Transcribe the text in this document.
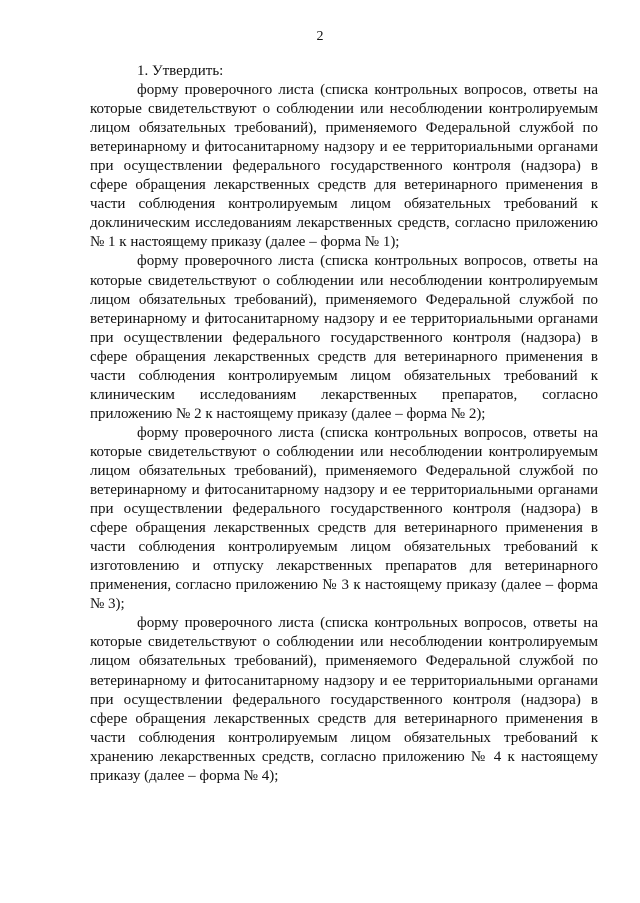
2

1. Утвердить:

форму проверочного листа (списка контрольных вопросов, ответы на которые свидетельствуют о соблюдении или несоблюдении контролируемым лицом обязательных требований), применяемого Федеральной службой по ветеринарному и фитосанитарному надзору и ее территориальными органами при осуществлении федерального государственного контроля (надзора) в сфере обращения лекарственных средств для ветеринарного применения в части соблюдения контролируемым лицом обязательных требований к доклиническим исследованиям лекарственных средств, согласно приложению № 1 к настоящему приказу (далее – форма № 1);

форму проверочного листа (списка контрольных вопросов, ответы на которые свидетельствуют о соблюдении или несоблюдении контролируемым лицом обязательных требований), применяемого Федеральной службой по ветеринарному и фитосанитарному надзору и ее территориальными органами при осуществлении федерального государственного контроля (надзора) в сфере обращения лекарственных средств для ветеринарного применения в части соблюдения контролируемым лицом обязательных требований к клиническим исследованиям лекарственных препаратов, согласно приложению № 2 к настоящему приказу (далее – форма № 2);

форму проверочного листа (списка контрольных вопросов, ответы на которые свидетельствуют о соблюдении или несоблюдении контролируемым лицом обязательных требований), применяемого Федеральной службой по ветеринарному и фитосанитарному надзору и ее территориальными органами при осуществлении федерального государственного контроля (надзора) в сфере обращения лекарственных средств для ветеринарного применения в части соблюдения контролируемым лицом обязательных требований к изготовлению и отпуску лекарственных препаратов для ветеринарного применения, согласно приложению № 3 к настоящему приказу (далее – форма № 3);

форму проверочного листа (списка контрольных вопросов, ответы на которые свидетельствуют о соблюдении или несоблюдении контролируемым лицом обязательных требований), применяемого Федеральной службой по ветеринарному и фитосанитарному надзору и ее территориальными органами при осуществлении федерального государственного контроля (надзора) в сфере обращения лекарственных средств для ветеринарного применения в части соблюдения контролируемым лицом обязательных требований к хранению лекарственных средств, согласно приложению № 4 к настоящему приказу (далее – форма № 4);
